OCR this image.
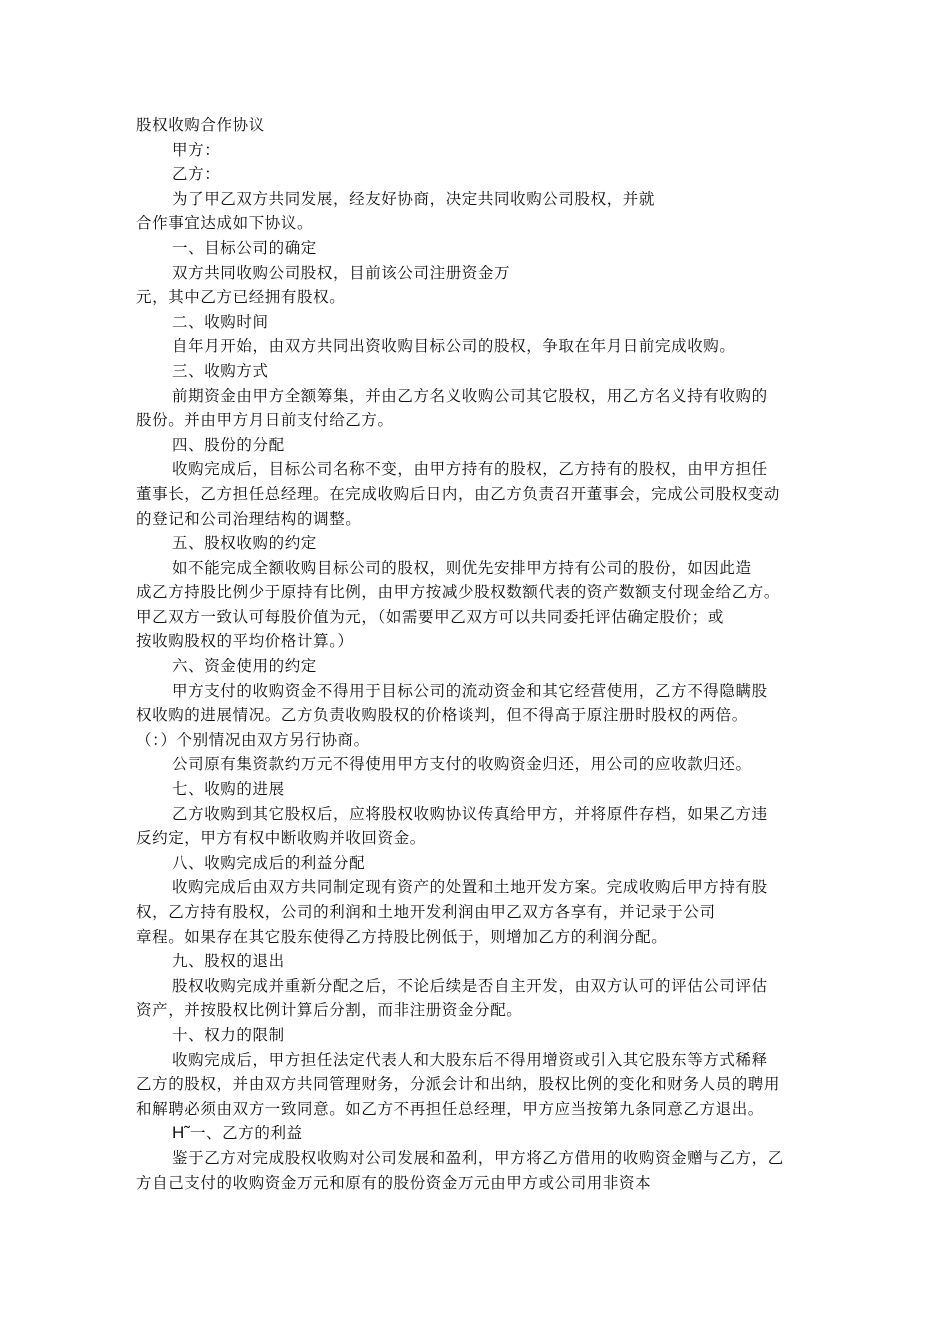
股权收购合作协议
甲方：
乙方：
为了甲乙双方共同发展，经友好协商，决定共同收购公司股权，并就
合作事宜达成如下协议。
一、目标公司的确定
双方共同收购公司股权，目前该公司注册资金万
元，其中乙方已经拥有股权。
二、收购时间
自年月开始，由双方共同出资收购目标公司的股权，争取在年月日前完成收购。
三、收购方式
前期资金由甲方全额筹集，并由乙方名义收购公司其它股权，用乙方名义持有收购的
股份。并由甲方月日前支付给乙方。
四、股份的分配
收购完成后，目标公司名称不变，由甲方持有的股权，乙方持有的股权，由甲方担任
董事长，乙方担任总经理。在完成收购后日内，由乙方负责召开董事会，完成公司股权变动
的登记和公司治理结构的调整。
五、股权收购的约定
如不能完成全额收购目标公司的股权，则优先安排甲方持有公司的股份，如因此造
成乙方持股比例少于原持有比例，由甲方按减少股权数额代表的资产数额支付现金给乙方。
甲乙双方一致认可每股价值为元，（如需要甲乙双方可以共同委托评估确定股价；或
按收购股权的平均价格计算。）
六、资金使用的约定
甲方支付的收购资金不得用于目标公司的流动资金和其它经营使用，乙方不得隐瞒股
权收购的进展情况。乙方负责收购股权的价格谈判，但不得高于原注册时股权的两倍。
（：）个别情况由双方另行协商。
公司原有集资款约万元不得使用甲方支付的收购资金归还，用公司的应收款归还。
七、收购的进展
乙方收购到其它股权后，应将股权收购协议传真给甲方，并将原件存档，如果乙方违
反约定，甲方有权中断收购并收回资金。
八、收购完成后的利益分配
收购完成后由双方共同制定现有资产的处置和土地开发方案。完成收购后甲方持有股
权，乙方持有股权，公司的利润和土地开发利润由甲乙双方各享有，并记录于公司
章程。如果存在其它股东使得乙方持股比例低于，则增加乙方的利润分配。
九、股权的退出
股权收购完成并重新分配之后，不论后续是否自主开发，由双方认可的评估公司评估
资产，并按股权比例计算后分割，而非注册资金分配。
十、权力的限制
收购完成后，甲方担任法定代表人和大股东后不得用增资或引入其它股东等方式稀释
乙方的股权，并由双方共同管理财务，分派会计和出纳，股权比例的变化和财务人员的聘用
和解聘必须由双方一致同意。如乙方不再担任总经理，甲方应当按第九条同意乙方退出。
H˜一、乙方的利益
鉴于乙方对完成股权收购对公司发展和盈利，甲方将乙方借用的收购资金赠与乙方，乙
方自己支付的收购资金万元和原有的股份资金万元由甲方或公司用非资本
